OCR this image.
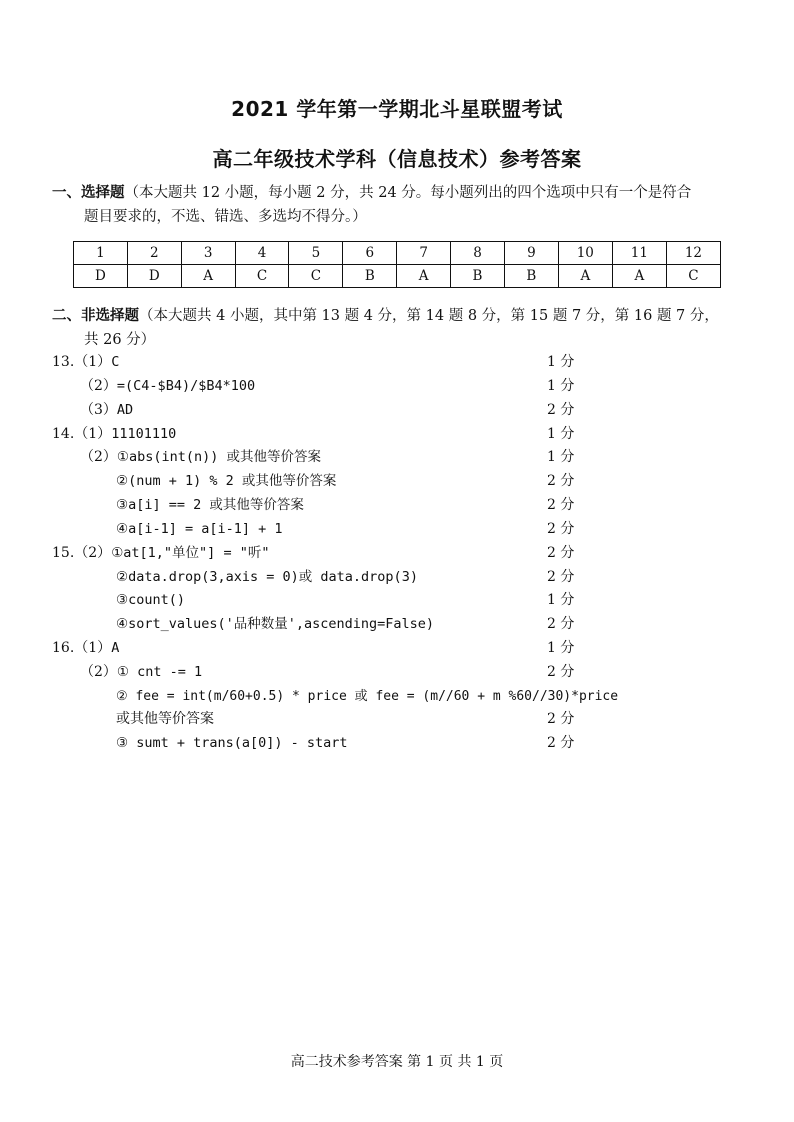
2021 学年第一学期北斗星联盟考试
高二年级技术学科（信息技术）参考答案
一、选择题（本大题共 12 小题，每小题 2 分，共 24 分。每小题列出的四个选项中只有一个是符合
题目要求的，不选、错选、多选均不得分。）
1	2	3	4	5	6	7	8	9	10	11	12
D	D	A	C	C	B	A	B	B	A	A	C
二、非选择题（本大题共 4 小题，其中第 13 题 4 分，第 14 题 8 分，第 15 题 7 分，第 16 题 7 分，
共 26 分）
13.（1）C	1 分
（2）=(C4-$B4)/$B4*100	1 分
（3）AD	2 分
14.（1）11101110	1 分
（2）①abs(int(n)) 或其他等价答案	1 分
②(num + 1) % 2 或其他等价答案	2 分
③a[i] == 2 或其他等价答案	2 分
④a[i-1] = a[i-1] + 1	2 分
15.（2）①at[1,"单位"] = "听"	2 分
②data.drop(3,axis = 0)或 data.drop(3)	2 分
③count()	1 分
④sort_values('品种数量',ascending=False)	2 分
16.（1）A	1 分
（2）① cnt -= 1	2 分
② fee = int(m/60+0.5) * price 或 fee = (m//60 + m %60//30)*price
或其他等价答案	2 分
③ sumt + trans(a[0]) - start	2 分
高二技术参考答案 第 1 页 共 1 页
